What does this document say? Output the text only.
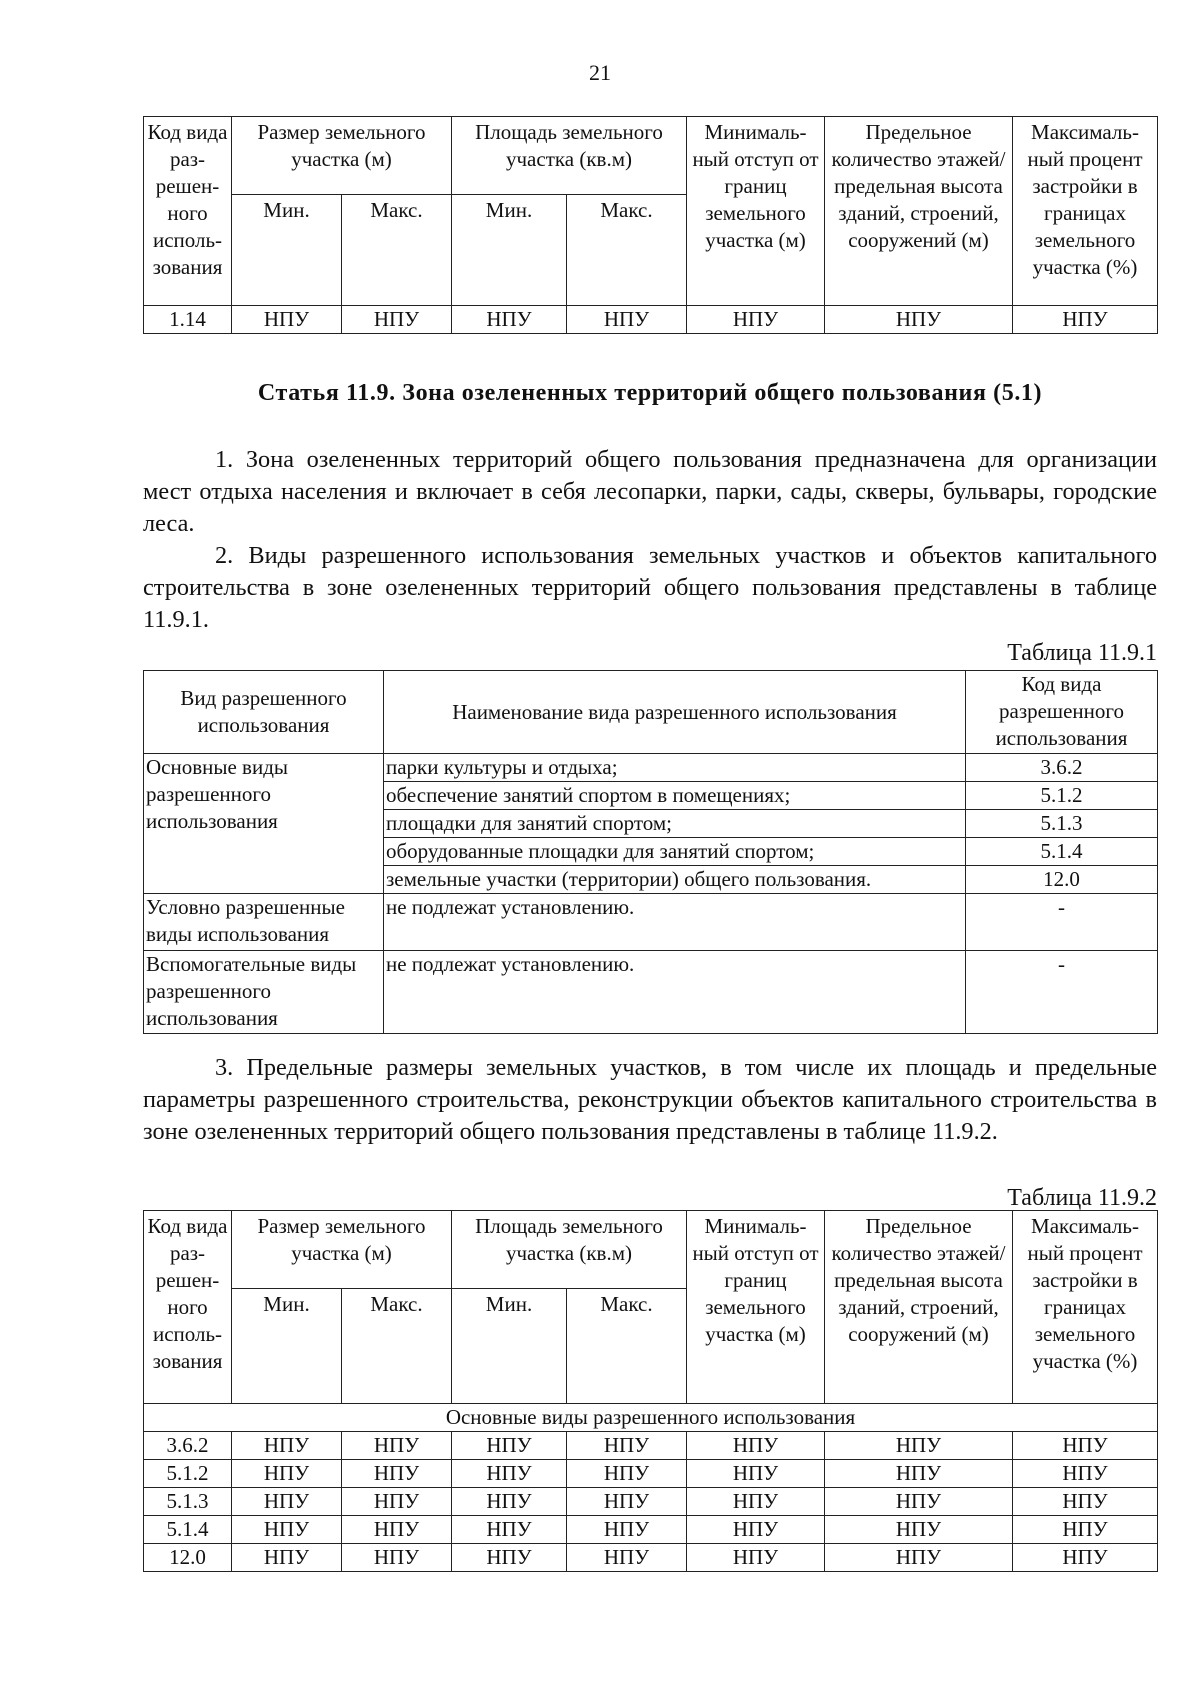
21
Код вида раз-решен-ного исполь-зования	Размер земельного участка (м)		Площадь земельного участка (кв.м)		Минималь-ный отступ от границ земельного участка (м)	Предельное количество этажей/ предельная высота зданий, строений, сооружений (м)	Максималь-ный процент застройки в границах земельного участка (%)
	Мин.	Макс.	Мин.	Макс.			
1.14	НПУ	НПУ	НПУ	НПУ	НПУ	НПУ	НПУ
Статья 11.9. Зона озелененных территорий общего пользования (5.1)

1. Зона озелененных территорий общего пользования предназначена для организации мест отдыха населения и включает в себя лесопарки, парки, сады, скверы, бульвары, городские леса.

2. Виды разрешенного использования земельных участков и объектов капитального строительства в зоне озелененных территорий общего пользования представлены в таблице 11.9.1.

Таблица 11.9.1
Вид разрешенного использования	Наименование вида разрешенного использования	Код вида разрешенного использования
Основные виды разрешенного использования	парки культуры и отдыха;	3.6.2
	обеспечение занятий спортом в помещениях;	5.1.2
	площадки для занятий спортом;	5.1.3
	оборудованные площадки для занятий спортом;	5.1.4
	земельные участки (территории) общего пользования.	12.0
Условно разрешенные виды использования	не подлежат установлению.	-
Вспомогательные виды разрешенного использования	не подлежат установлению.	-

3. Предельные размеры земельных участков, в том числе их площадь и предельные параметры разрешенного строительства, реконструкции объектов капитального строительства в зоне озелененных территорий общего пользования представлены в таблице 11.9.2.

Таблица 11.9.2
Код вида раз-решен-ного исполь-зования	Размер земельного участка (м)		Площадь земельного участка (кв.м)		Минималь-ный отступ от границ земельного участка (м)	Предельное количество этажей/ предельная высота зданий, строений, сооружений (м)	Максималь-ный процент застройки в границах земельного участка (%)
	Мин.	Макс.	Мин.	Макс.			
Основные виды разрешенного использования							
3.6.2	НПУ	НПУ	НПУ	НПУ	НПУ	НПУ	НПУ
5.1.2	НПУ	НПУ	НПУ	НПУ	НПУ	НПУ	НПУ
5.1.3	НПУ	НПУ	НПУ	НПУ	НПУ	НПУ	НПУ
5.1.4	НПУ	НПУ	НПУ	НПУ	НПУ	НПУ	НПУ
12.0	НПУ	НПУ	НПУ	НПУ	НПУ	НПУ	НПУ
